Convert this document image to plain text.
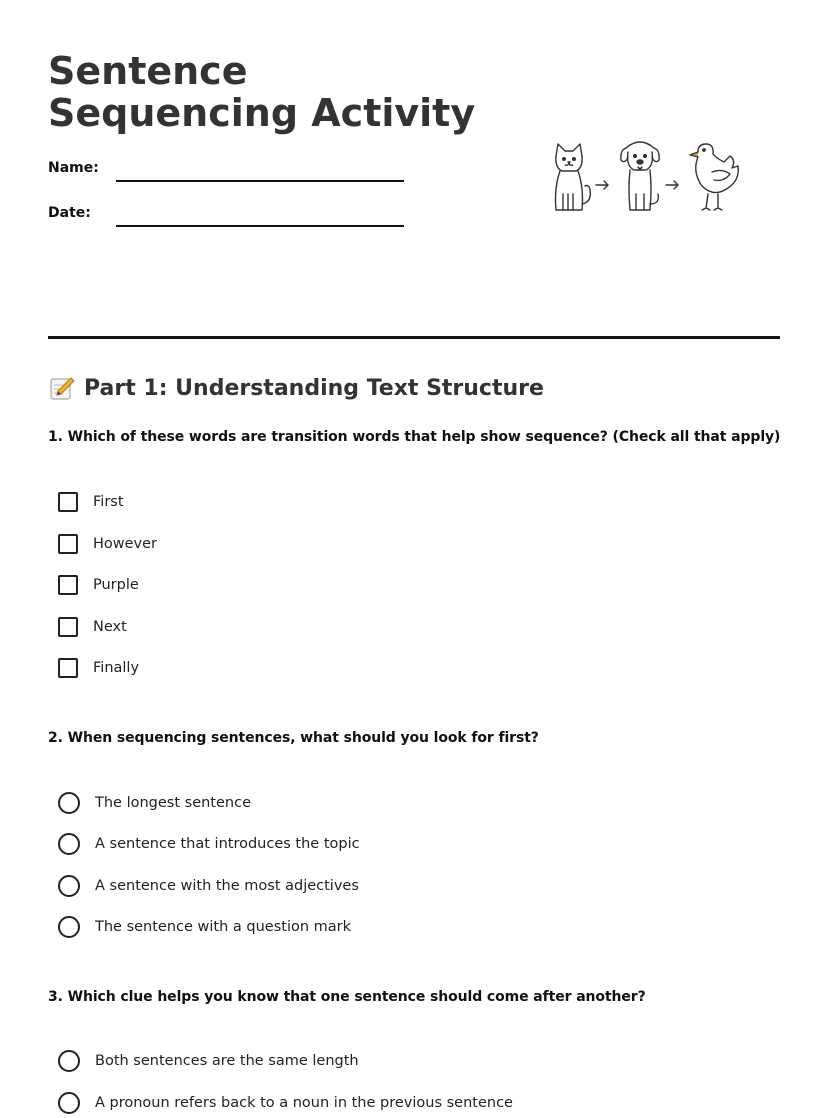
Sentence Sequencing Activity
Name:
Date:
Part 1: Understanding Text Structure

1. Which of these words are transition words that help show sequence? (Check all that apply)

First
However
Purple
Next
Finally

2. When sequencing sentences, what should you look for first?

The longest sentence
A sentence that introduces the topic
A sentence with the most adjectives
The sentence with a question mark

3. Which clue helps you know that one sentence should come after another?

Both sentences are the same length
A pronoun refers back to a noun in the previous sentence
